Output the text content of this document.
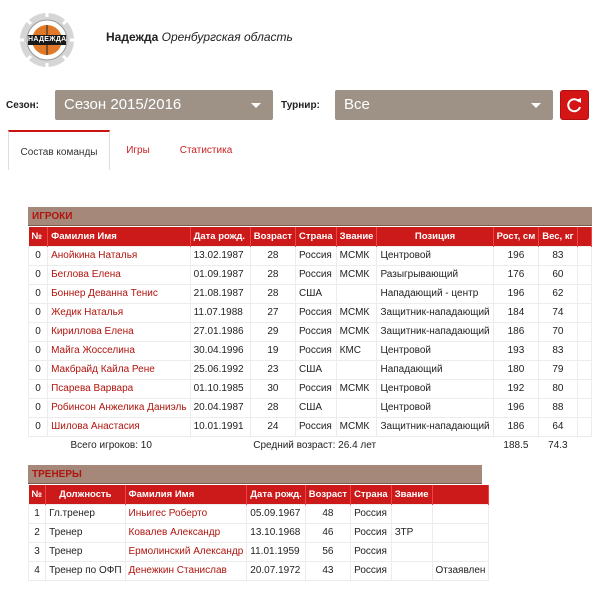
НАДЕЖДА	Надежда Оренбургская область
Сезон:	Сезон 2015/2016	Турнир:	Все
Состав команды	Игры	Статистика
ИГРОКИ
№	Фамилия Имя	Дата рожд.	Возраст	Страна	Звание	Позиция	Рост, см	Вес, кг	
0	Анойкина Наталья	13.02.1987	28	Россия	МСМК	Центровой	196	83	
0	Беглова Елена	01.09.1987	28	Россия	МСМК	Разыгрывающий	176	60	
0	Боннер Деванна Тенис	21.08.1987	28	США		Нападающий - центр	196	62	
0	Жедик Наталья	11.07.1988	27	Россия	МСМК	Защитник-нападающий	184	74	
0	Кириллова Елена	27.01.1986	29	Россия	МСМК	Защитник-нападающий	186	70	
0	Майга Жосселина	30.04.1996	19	Россия	КМС	Центровой	193	83	
0	Макбрайд Кайла Рене	25.06.1992	23	США		Нападающий	180	79	
0	Псарева Варвара	01.10.1985	30	Россия	МСМК	Центровой	192	80	
0	Робинсон Анжелика Даниэль	20.04.1987	28	США		Центровой	196	88	
0	Шилова Анастасия	10.01.1991	24	Россия	МСМК	Защитник-нападающий	186	64	
Всего игроков: 10			Средний возраст: 26.4 лет				188.5	74.3	
ТРЕНЕРЫ
№	Должность	Фамилия Имя	Дата рожд.	Возраст	Страна	Звание	
1	Гл.тренер	Иньигес Роберто	05.09.1967	48	Россия		
2	Тренер	Ковалев Александр	13.10.1968	46	Россия	ЗТР	
3	Тренер	Ермолинский Александр	11.01.1959	56	Россия		
4	Тренер по ОФП	Денежкин Станислав	20.07.1972	43	Россия		Отзаявлен
